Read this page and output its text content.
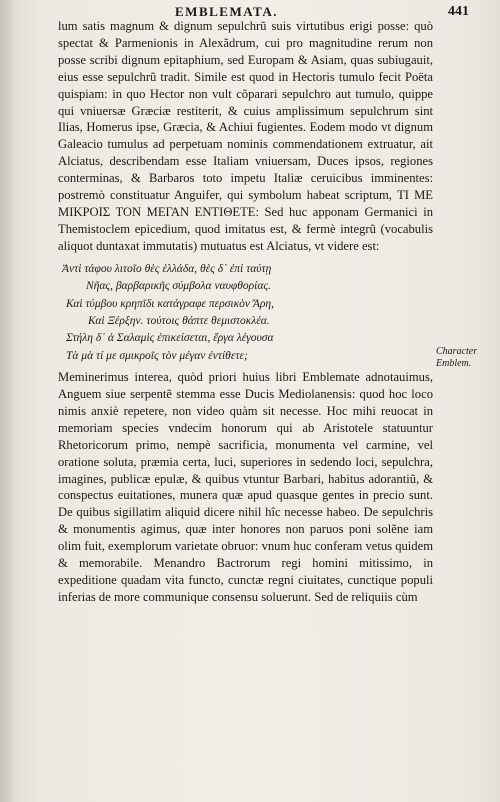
EMBLEMATA.	441

lum satis magnum & dignum sepulchrũ suis virtutibus erigi posse: quò spectat & Parmenionis in Alexãdrum, cui pro magnitudine rerum non posse scribi dignum epitaphium, sed Europam & Asiam, quas subiugauit, eius esse sepulchrũ tradit. Simile est quod in Hectoris tumulo fecit Poëta quispiam: in quo Hector non vult cõparari sepulchro aut tumulo, quippe qui vniuersæ Græciæ restiterit, & cuius amplissimum sepulchrum sint Ilias, Homerus ipse, Græcia, & Achiui fugientes. Eodem modo vt dignum Galeacio tumulus ad perpetuam nominis commendationem extruatur, ait Alciatus, describendam esse Italiam vniuersam, Duces ipsos, regiones conterminas, & Barbaros toto impetu Italiæ ceruicibus imminentes: postremò constituatur Anguifer, qui symbolum habeat scriptum, ΤΙ ΜΕ ΜΙΚΡΟΙΣ ΤΟΝ ΜΕΓΑΝ ΕΝΤΙΘΕΤΕ: Sed huc apponam Germanici in Themistoclem epicedium, quod imitatus est, & fermè integrũ (vocabulis aliquot duntaxat immutatis) mutuatus est Alciatus, vt videre est:

Ἀντὶ τάφου λιτοῖο θὲς ἑλλάδα, θὲς δ᾽ ἐπὶ ταύτῃ
Νῆας, βαρβαρικῆς σύμβολα ναυφθορίας.
Καὶ τύμβου κρηπῖδι κατάγραφε περσικὸν Ἄρη,
Καὶ Ξέρξην. τούτοις θάπτε θεμιστοκλέα.
Στήλη δ᾽ ἁ Σαλαμὶς ἐπικείσεται, ἔργα λέγουσα
Τὰ μὰ τί με σμικροῖς τὸν μέγαν ἐντίθετε;

Meminerimus interea, quòd priori huius libri Emblemate adnotauimus, Anguem siue serpentẽ stemma esse Ducis Mediolanensis: quod hoc loco nimis anxiè repetere, non video quàm sit necesse. Hoc mihi reuocat in memoriam species vndecim honorum qui ab Aristotele statuuntur Rhetoricorum primo, nempè sacrificia, monumenta vel carmine, vel oratione soluta, præmia certa, luci, superiores in sedendo loci, sepulchra, imagines, publicæ epulæ, & quibus vtuntur Barbari, habitus adorantiũ, & conspectus euitationes, munera quæ apud quasque gentes in precio sunt. De quibus sigillatim aliquid dicere nihil hîc necesse habeo. De sepulchris & monumentis agimus, quæ inter honores non paruos poni solẽne iam olim fuit, exemplorum varietate obruor: vnum huc conferam vetus quidem & memorabile. Menandro Bactrorum regi homini mitissimo, in expeditione quadam vita functo, cunctæ regni ciuitates, cunctique populi inferias de more communique consensu soluerunt. Sed de reliquiis cùm

Character Emblem.
